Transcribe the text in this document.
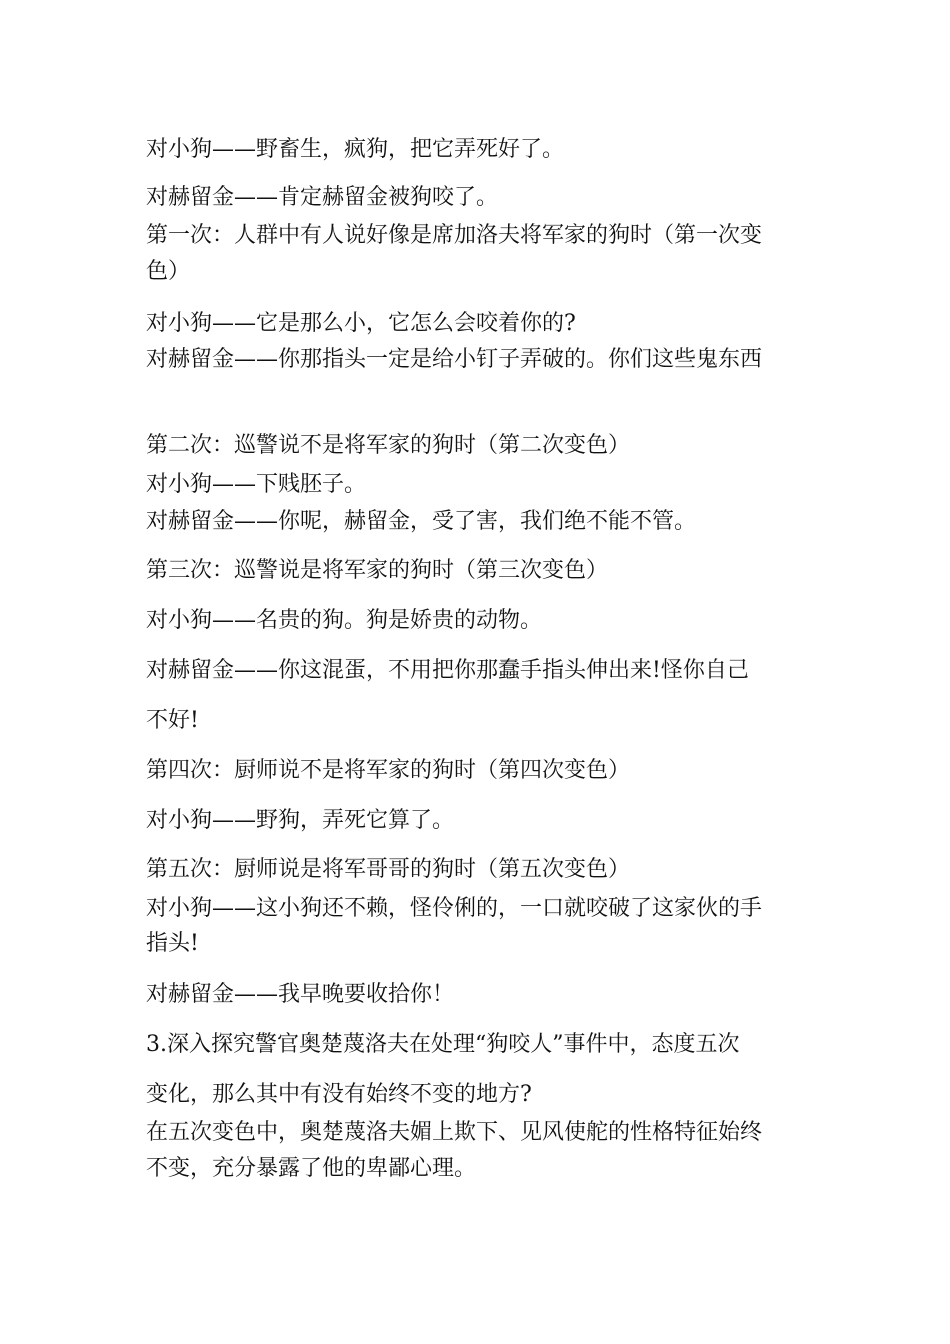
对小狗——野畜生，疯狗，把它弄死好了。
对赫留金——肯定赫留金被狗咬了。
第一次：人群中有人说好像是席加洛夫将军家的狗时（第一次变
色）
对小狗——它是那么小，它怎么会咬着你的?
对赫留金——你那指头一定是给小钉子弄破的。你们这些鬼东西
第二次：巡警说不是将军家的狗时（第二次变色）
对小狗——下贱胚子。
对赫留金——你呢，赫留金，受了害，我们绝不能不管。
第三次：巡警说是将军家的狗时（第三次变色）
对小狗——名贵的狗。狗是娇贵的动物。
对赫留金——你这混蛋，不用把你那蠢手指头伸出来!怪你自己
不好!
第四次：厨师说不是将军家的狗时（第四次变色）
对小狗——野狗，弄死它算了。
第五次：厨师说是将军哥哥的狗时（第五次变色）
对小狗——这小狗还不赖，怪伶俐的，一口就咬破了这家伙的手
指头!
对赫留金——我早晚要收拾你！
3.深入探究警官奥楚蔑洛夫在处理“狗咬人”事件中，态度五次
变化，那么其中有没有始终不变的地方?
在五次变色中，奥楚蔑洛夫媚上欺下、见风使舵的性格特征始终
不变，充分暴露了他的卑鄙心理。
